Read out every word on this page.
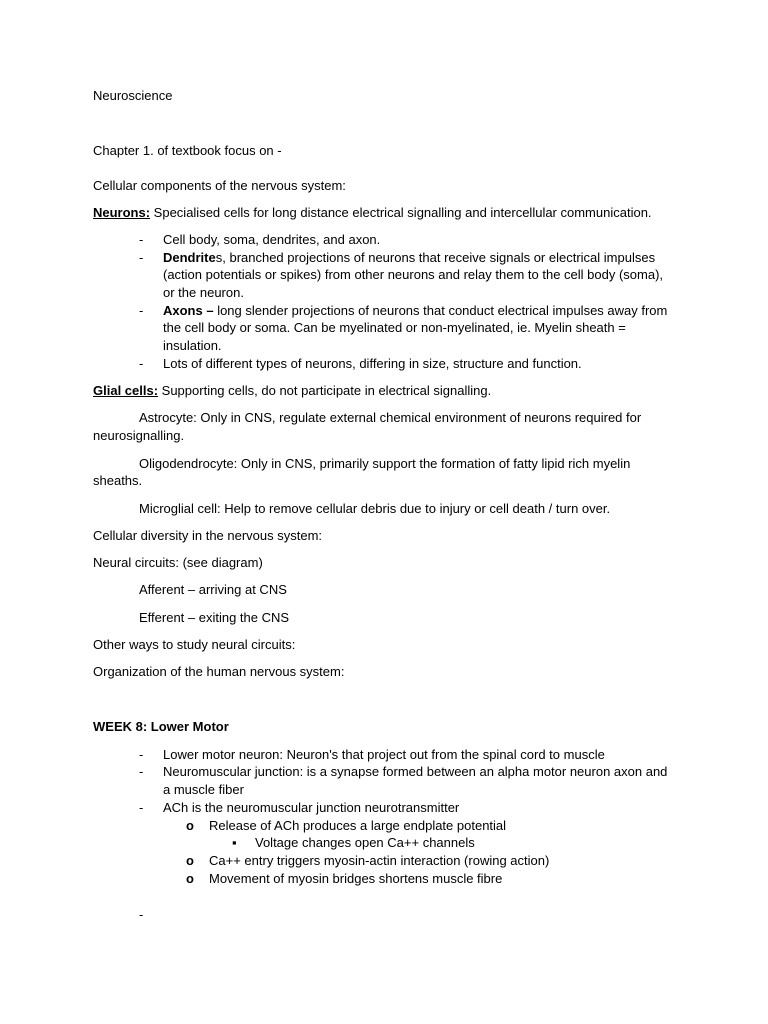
Neuroscience
Chapter 1. of textbook focus on -
Cellular components of the nervous system:
Neurons: Specialised cells for long distance electrical signalling and intercellular communication.
- Cell body, soma, dendrites, and axon.
- Dendrites, branched projections of neurons that receive signals or electrical impulses
(action potentials or spikes) from other neurons and relay them to the cell body (soma),
or the neuron.
- Axons – long slender projections of neurons that conduct electrical impulses away from
the cell body or soma. Can be myelinated or non-myelinated, ie. Myelin sheath =
insulation.
- Lots of different types of neurons, differing in size, structure and function.
Glial cells: Supporting cells, do not participate in electrical signalling.
Astrocyte: Only in CNS, regulate external chemical environment of neurons required for
neurosignalling.
Oligodendrocyte: Only in CNS, primarily support the formation of fatty lipid rich myelin
sheaths.
Microglial cell: Help to remove cellular debris due to injury or cell death / turn over.
Cellular diversity in the nervous system:
Neural circuits: (see diagram)
Afferent – arriving at CNS
Efferent – exiting the CNS
Other ways to study neural circuits:
Organization of the human nervous system:
WEEK 8: Lower Motor
- Lower motor neuron: Neuron's that project out from the spinal cord to muscle
- Neuromuscular junction: is a synapse formed between an alpha motor neuron axon and
a muscle fiber
- ACh is the neuromuscular junction neurotransmitter
o Release of ACh produces a large endplate potential
▪ Voltage changes open Ca++ channels
o Ca++ entry triggers myosin-actin interaction (rowing action)
o Movement of myosin bridges shortens muscle fibre
-
